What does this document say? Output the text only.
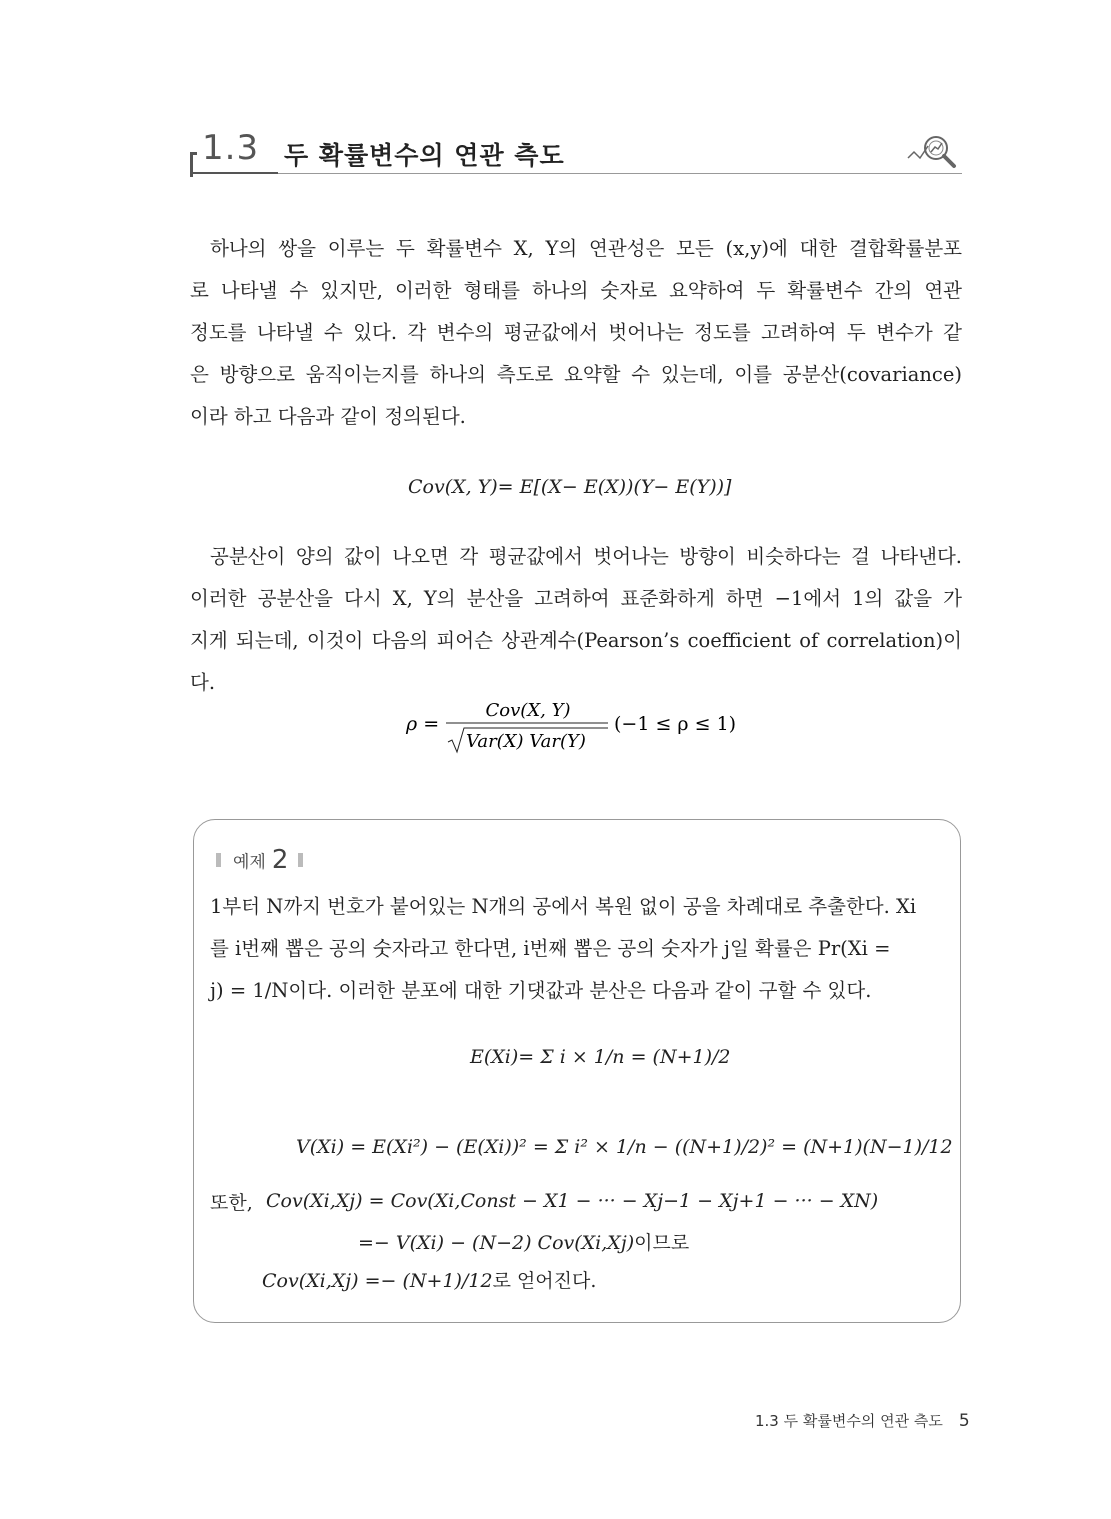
1.3 두 확률변수의 연관 측도

하나의 쌍을 이루는 두 확률변수 X, Y의 연관성은 모든 (x,y)에 대한 결합확률분포

로 나타낼 수 있지만, 이러한 형태를 하나의 숫자로 요약하여 두 확률변수 간의 연관

정도를 나타낼 수 있다. 각 변수의 평균값에서 벗어나는 정도를 고려하여 두 변수가 같

은 방향으로 움직이는지를 하나의 측도로 요약할 수 있는데, 이를 공분산(covariance)

이라 하고 다음과 같이 정의된다.

Cov(X, Y)= E[(X− E(X))(Y− E(Y))]

공분산이 양의 값이 나오면 각 평균값에서 벗어나는 방향이 비슷하다는 걸 나타낸다.

이러한 공분산을 다시 X, Y의 분산을 고려하여 표준화하게 하면 −1에서 1의 값을 가

지게 되는데, 이것이 다음의 피어슨 상관계수(Pearson’s coefficient of correlation)이다.

ρ =
Cov(X, Y)
Var(X) Var(Y)
(−1 ≤ ρ ≤ 1)
예제 2

1부터 N까지 번호가 붙어있는 N개의 공에서 복원 없이 공을 차례대로 추출한다. Xi

를 i번째 뽑은 공의 숫자라고 한다면, i번째 뽑은 공의 숫자가 j일 확률은 Pr(Xi =

j) = 1/N이다. 이러한 분포에 대한 기댓값과 분산은 다음과 같이 구할 수 있다.

E(Xi)= Σ i × 1/n = (N+1)/2
V(Xi) = E(Xi²) − (E(Xi))² = Σ i² × 1/n − ((N+1)/2)² = (N+1)(N−1)/12
또한, Cov(Xi,Xj) = Cov(Xi,Const − X1 − ··· − Xj−1 − Xj+1 − ··· − XN)
=− V(Xi) − (N−2) Cov(Xi,Xj)이므로
Cov(Xi,Xj) =− (N+1)/12로 얻어진다.
1.3 두 확률변수의 연관 측도 5
